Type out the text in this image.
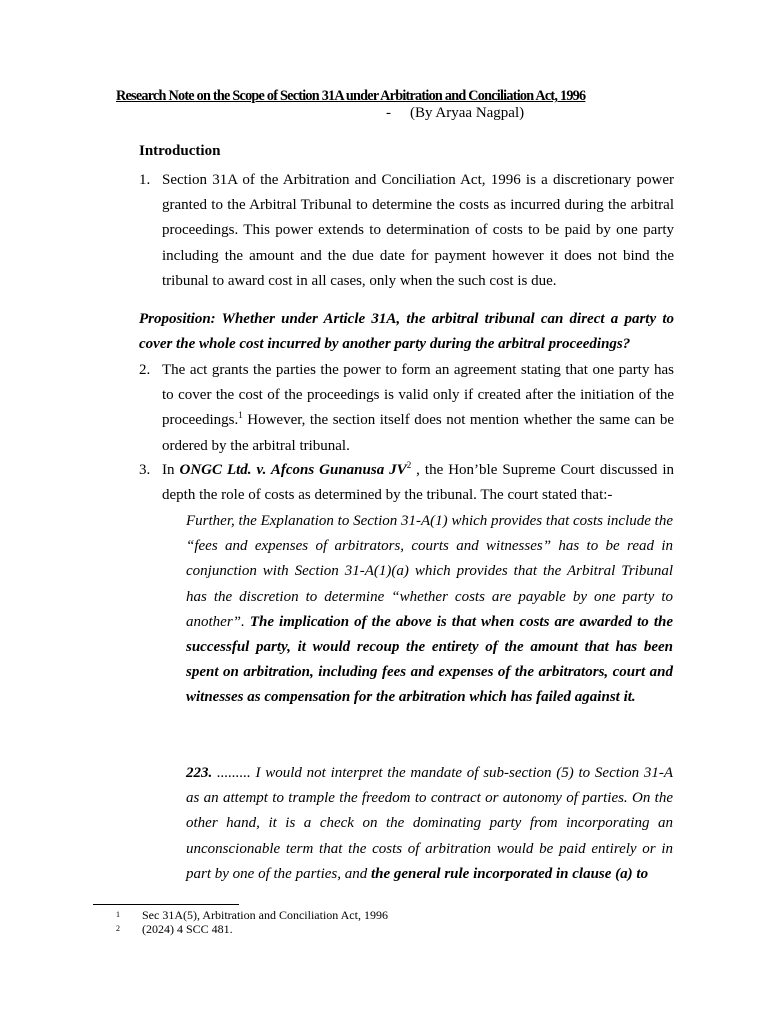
Research Note on the Scope of Section 31A under Arbitration and Conciliation Act, 1996
- (By Aryaa Nagpal)
Introduction
1. Section 31A of the Arbitration and Conciliation Act, 1996 is a discretionary power granted to the Arbitral Tribunal to determine the costs as incurred during the arbitral proceedings. This power extends to determination of costs to be paid by one party including the amount and the due date for payment however it does not bind the tribunal to award cost in all cases, only when the such cost is due.
Proposition: Whether under Article 31A, the arbitral tribunal can direct a party to cover the whole cost incurred by another party during the arbitral proceedings?
2. The act grants the parties the power to form an agreement stating that one party has to cover the cost of the proceedings is valid only if created after the initiation of the proceedings.$^1$ However, the section itself does not mention whether the same can be ordered by the arbitral tribunal.
3. In ONGC Ltd. v. Afcons Gunanusa $JV^2$ , the Hon’ble Supreme Court discussed in depth the role of costs as determined by the tribunal. The court stated that:-
Further, the Explanation to Section 31-A(1) which provides that costs include the “fees and expenses of arbitrators, courts and witnesses” has to be read in conjunction with Section 31-A(1)(a) which provides that the Arbitral Tribunal has the discretion to determine “whether costs are payable by one party to another”. The implication of the above is that when costs are awarded to the successful party, it would recoup the entirety of the amount that has been spent on arbitration, including fees and expenses of the arbitrators, court and witnesses as compensation for the arbitration which has failed against it.
223. ......... I would not interpret the mandate of sub-section (5) to Section 31-A as an attempt to trample the freedom to contract or autonomy of parties. On the other hand, it is a check on the dominating party from incorporating an unconscionable term that the costs of arbitration would be paid entirely or in part by one of the parties, and the general rule incorporated in clause (a) to
1 Sec 31A(5), Arbitration and Conciliation Act, 1996
2 (2024) 4 SCC 481.
